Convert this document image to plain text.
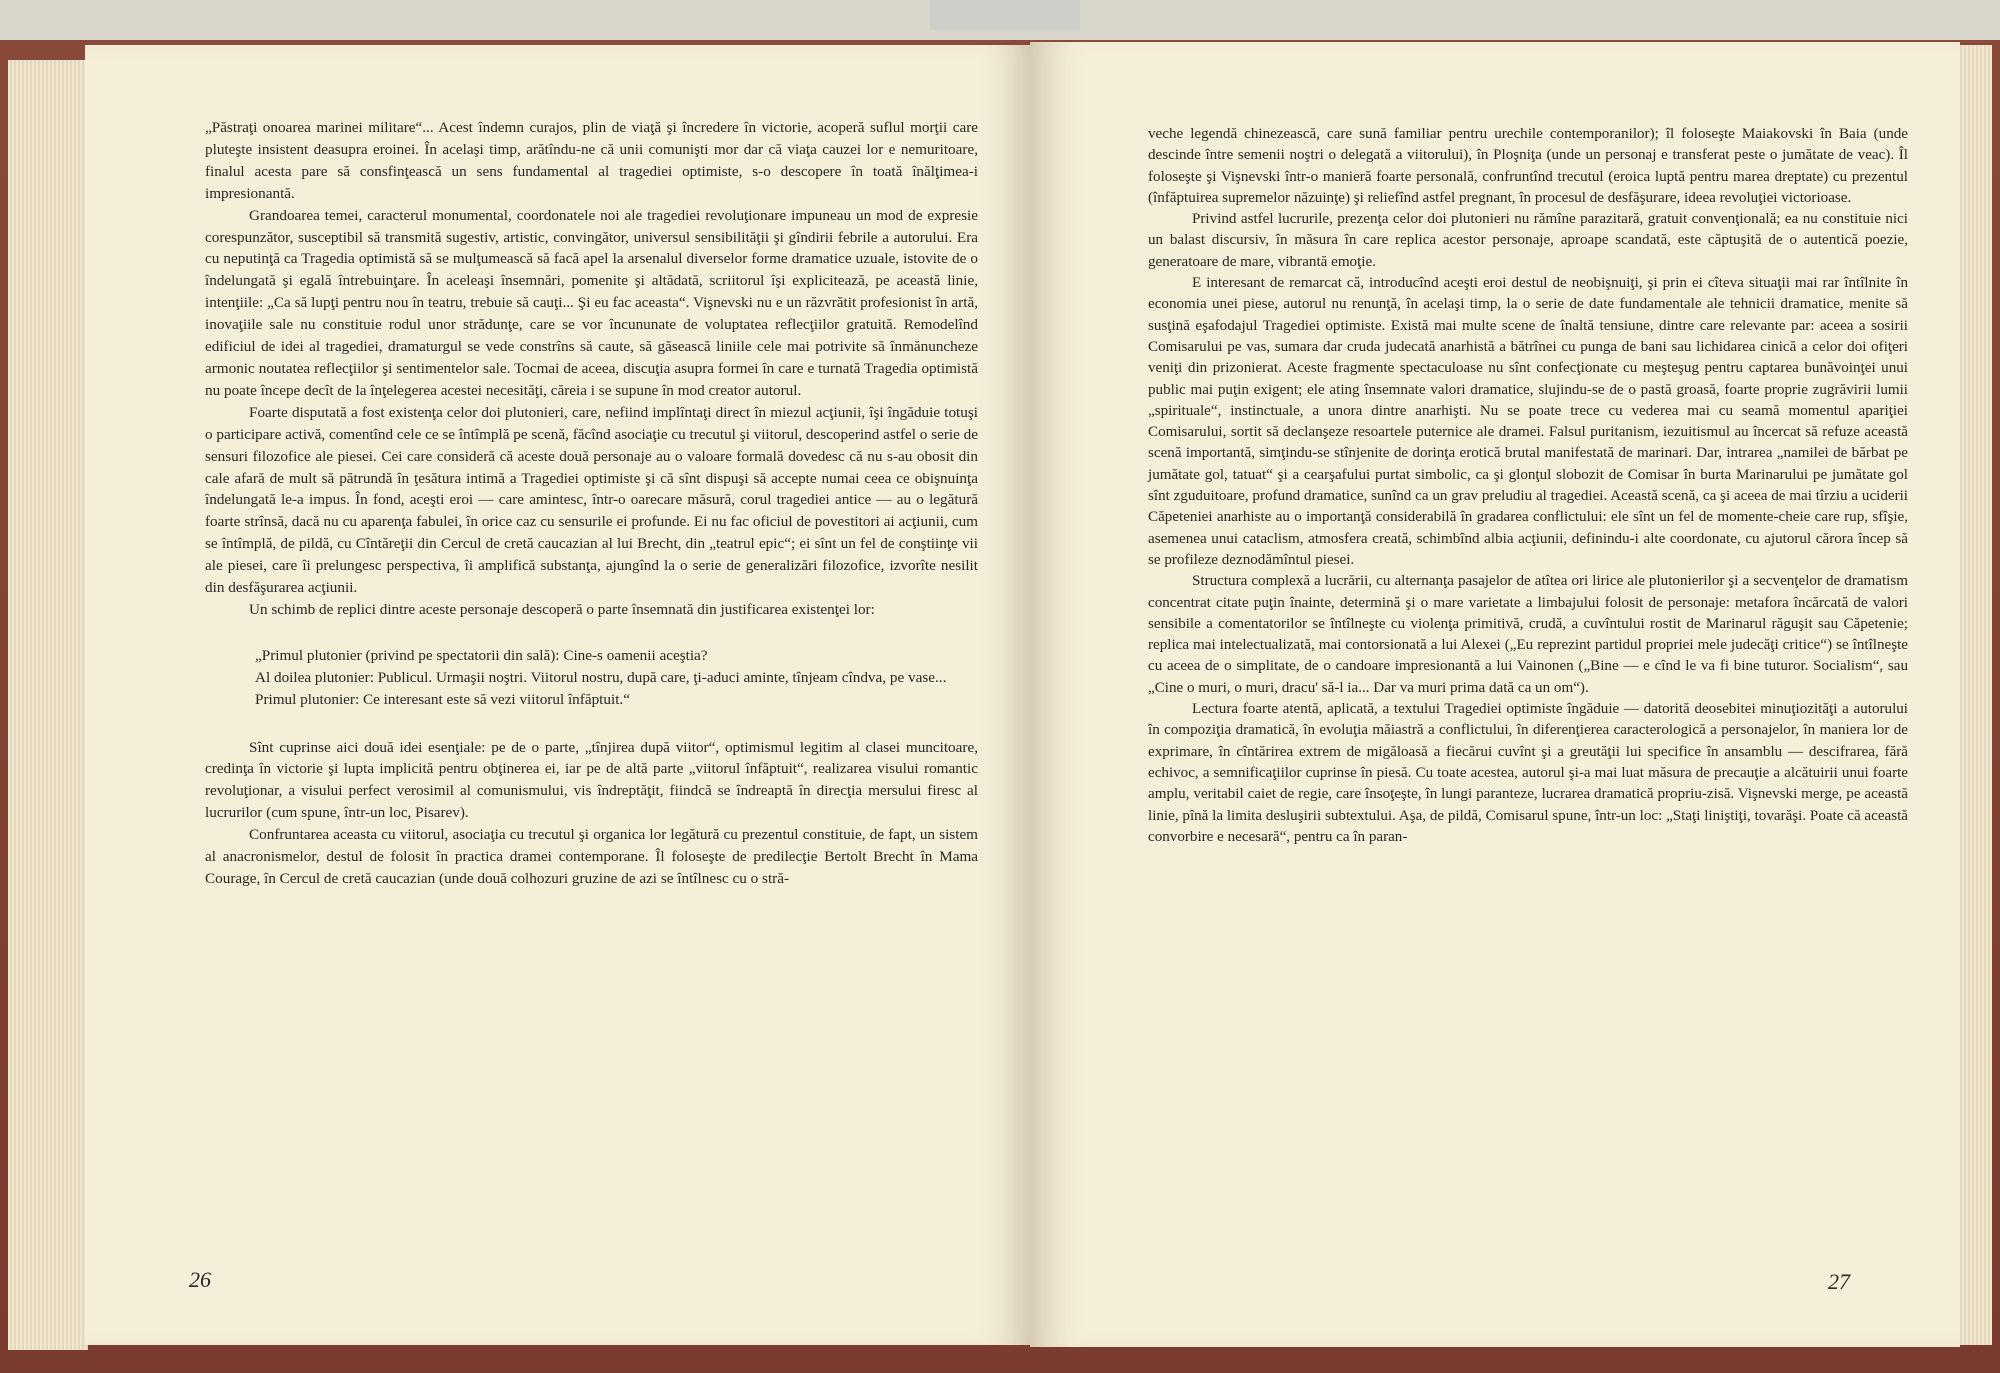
„Păstraţi onoarea marinei militare“... Acest îndemn curajos, plin de viaţă şi încredere în victorie, acoperă suflul morţii care pluteşte insistent deasupra eroinei. În acelaşi timp, arătîndu-ne că unii comunişti mor dar că viaţa cauzei lor e nemuritoare, finalul acesta pare să consfinţească un sens fundamental al tragediei optimiste, s-o descopere în toată înălţimea-i impresionantă.

Grandoarea temei, caracterul monumental, coordonatele noi ale tragediei revoluţionare impuneau un mod de expresie corespunzător, susceptibil să transmită sugestiv, artistic, convingător, universul sensibilităţii şi gîndirii febrile a autorului. Era cu neputinţă ca Tragedia optimistă să se mulţumească să facă apel la arsenalul diverselor forme dramatice uzuale, istovite de o îndelungată şi egală întrebuinţare. În aceleaşi însemnări, pomenite şi altădată, scriitorul îşi explicitează, pe această linie, intenţiile: „Ca să lupţi pentru nou în teatru, trebuie să cauţi... Şi eu fac aceasta“. Vişnevski nu e un răzvrătit profesionist în artă, inovaţiile sale nu constituie rodul unor strădunţe, care se vor încununate de voluptatea reflecţiilor gratuită. Remodelînd edificiul de idei al tragediei, dramaturgul se vede constrîns să caute, să găsească liniile cele mai potrivite să înmănuncheze armonic noutatea reflecţiilor şi sentimentelor sale. Tocmai de aceea, discuţia asupra formei în care e turnată Tragedia optimistă nu poate începe decît de la înţelegerea acestei necesităţi, căreia i se supune în mod creator autorul.

Foarte disputată a fost existenţa celor doi plutonieri, care, nefiind implîntaţi direct în miezul acţiunii, îşi îngăduie totuşi o participare activă, comentînd cele ce se întîmplă pe scenă, făcînd asociaţie cu trecutul şi viitorul, descoperind astfel o serie de sensuri filozofice ale piesei. Cei care consideră că aceste două personaje au o valoare formală dovedesc că nu s-au obosit din cale afară de mult să pătrundă în ţesătura intimă a Tragediei optimiste şi că sînt dispuşi să accepte numai ceea ce obişnuinţa îndelungată le-a impus. În fond, aceşti eroi — care amintesc, într-o oarecare măsură, corul tragediei antice — au o legătură foarte strînsă, dacă nu cu aparenţa fabulei, în orice caz cu sensurile ei profunde. Ei nu fac oficiul de povestitori ai acţiunii, cum se întîmplă, de pildă, cu Cîntăreţii din Cercul de cretă caucazian al lui Brecht, din „teatrul epic“; ei sînt un fel de conştiinţe vii ale piesei, care îi prelungesc perspectiva, îi amplifică substanţa, ajungînd la o serie de generalizări filozofice, izvorîte nesilit din desfăşurarea acţiunii.

Un schimb de replici dintre aceste personaje descoperă o parte însemnată din justificarea existenţei lor:

„Primul plutonier (privind pe spectatorii din sală): Cine-s oamenii aceştia?

Al doilea plutonier: Publicul. Urmaşii noştri. Viitorul nostru, după care, ţi-aduci aminte, tînjeam cîndva, pe vase...

Primul plutonier: Ce interesant este să vezi viitorul înfăptuit.“

Sînt cuprinse aici două idei esenţiale: pe de o parte, „tînjirea după viitor“, optimismul legitim al clasei muncitoare, credinţa în victorie şi lupta implicită pentru obţinerea ei, iar pe de altă parte „viitorul înfăptuit“, realizarea visului romantic revoluţionar, a visului perfect verosimil al comunismului, vis îndreptăţit, fiindcă se îndreaptă în direcţia mersului firesc al lucrurilor (cum spune, într-un loc, Pisarev).

Confruntarea aceasta cu viitorul, asociaţia cu trecutul şi organica lor legătură cu prezentul constituie, de fapt, un sistem al anacronismelor, destul de folosit în practica dramei contemporane. Îl foloseşte de predilecţie Bertolt Brecht în Mama Courage, în Cercul de cretă caucazian (unde două colhozuri gruzine de azi se întîlnesc cu o stră-

26

veche legendă chinezească, care sună familiar pentru urechile contemporanilor); îl foloseşte Maiakovski în Baia (unde descinde între semenii noştri o delegată a viitorului), în Ploşniţa (unde un personaj e transferat peste o jumătate de veac). Îl foloseşte şi Vişnevski într-o manieră foarte personală, confruntînd trecutul (eroica luptă pentru marea dreptate) cu prezentul (înfăptuirea supremelor năzuinţe) şi reliefînd astfel pregnant, în procesul de desfăşurare, ideea revoluţiei victorioase.

Privind astfel lucrurile, prezenţa celor doi plutonieri nu rămîne parazitară, gratuit convenţională; ea nu constituie nici un balast discursiv, în măsura în care replica acestor personaje, aproape scandată, este căptuşită de o autentică poezie, generatoare de mare, vibrantă emoţie.

E interesant de remarcat că, introducînd aceşti eroi destul de neobişnuiţi, şi prin ei cîteva situaţii mai rar întîlnite în economia unei piese, autorul nu renunţă, în acelaşi timp, la o serie de date fundamentale ale tehnicii dramatice, menite să susţină eşafodajul Tragediei optimiste. Există mai multe scene de înaltă tensiune, dintre care relevante par: aceea a sosirii Comisarului pe vas, sumara dar cruda judecată anarhistă a bătrînei cu punga de bani sau lichidarea cinică a celor doi ofiţeri veniţi din prizonierat. Aceste fragmente spectaculoase nu sînt confecţionate cu meşteşug pentru captarea bunăvoinţei unui public mai puţin exigent; ele ating însemnate valori dramatice, slujindu-se de o pastă groasă, foarte proprie zugrăvirii lumii „spirituale“, instinctuale, a unora dintre anarhişti. Nu se poate trece cu vederea mai cu seamă momentul apariţiei Comisarului, sortit să declanşeze resoartele puternice ale dramei. Falsul puritanism, iezuitismul au încercat să refuze această scenă importantă, simţindu-se stînjenite de dorinţa erotică brutal manifestată de marinari. Dar, intrarea „namilei de bărbat pe jumătate gol, tatuat“ şi a cearşafului purtat simbolic, ca şi glonţul slobozit de Comisar în burta Marinarului pe jumătate gol sînt zguduitoare, profund dramatice, sunînd ca un grav preludiu al tragediei. Această scenă, ca şi aceea de mai tîrziu a uciderii Căpeteniei anarhiste au o importanţă considerabilă în gradarea conflictului: ele sînt un fel de momente-cheie care rup, sfîşie, asemenea unui cataclism, atmosfera creată, schimbînd albia acţiunii, definindu-i alte coordonate, cu ajutorul cărora încep să se profileze deznodămîntul piesei.

Structura complexă a lucrării, cu alternanţa pasajelor de atîtea ori lirice ale plutonierilor şi a secvenţelor de dramatism concentrat citate puţin înainte, determină şi o mare varietate a limbajului folosit de personaje: metafora încărcată de valori sensibile a comentatorilor se întîlneşte cu violenţa primitivă, crudă, a cuvîntului rostit de Marinarul răguşit sau Căpetenie; replica mai intelectualizată, mai contorsionată a lui Alexei („Eu reprezint partidul propriei mele judecăţi critice“) se întîlneşte cu aceea de o simplitate, de o candoare impresionantă a lui Vainonen („Bine — e cînd le va fi bine tuturor. Socialism“, sau „Cine o muri, o muri, dracu' să-l ia... Dar va muri prima dată ca un om“).

Lectura foarte atentă, aplicată, a textului Tragediei optimiste îngăduie — datorită deosebitei minuţiozităţi a autorului în compoziţia dramatică, în evoluţia măiastră a conflictului, în diferenţierea caracterologică a personajelor, în maniera lor de exprimare, în cîntărirea extrem de migăloasă a fiecărui cuvînt şi a greutăţii lui specifice în ansamblu — descifrarea, fără echivoc, a semnificaţiilor cuprinse în piesă. Cu toate acestea, autorul şi-a mai luat măsura de precauţie a alcătuirii unui foarte amplu, veritabil caiet de regie, care însoţeşte, în lungi paranteze, lucrarea dramatică propriu-zisă. Vişnevski merge, pe această linie, pînă la limita desluşirii subtextului. Aşa, de pildă, Comisarul spune, într-un loc: „Staţi liniştiţi, tovarăşi. Poate că această convorbire e necesară“, pentru ca în paran-

27
